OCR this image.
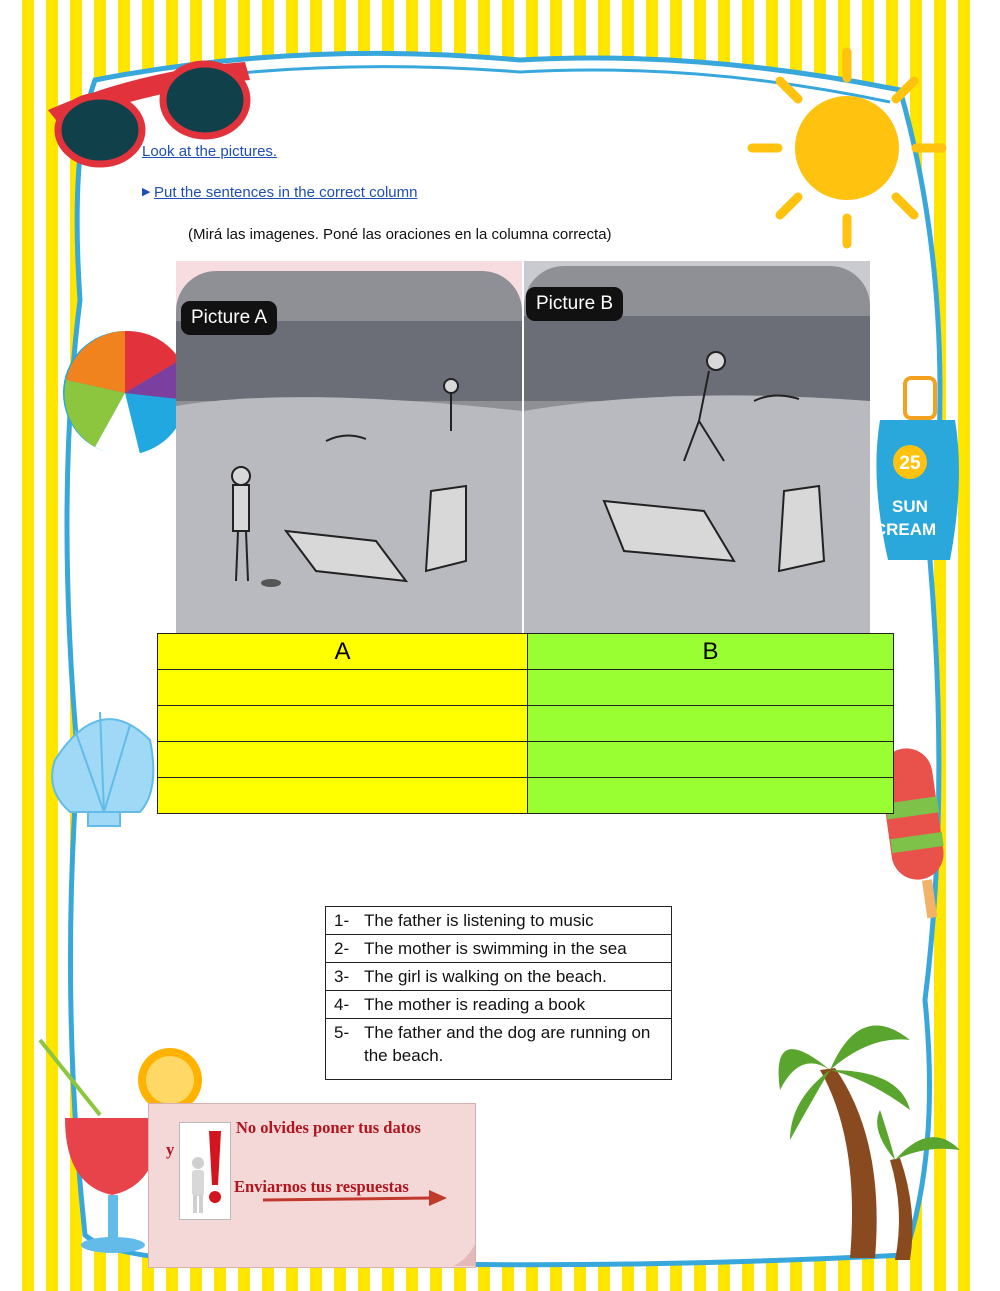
25
SUN
CREAM
Look at the pictures.
▶ Put the sentences in the correct column
(Mirá las imagenes. Poné las oraciones en la columna correcta)
Picture A
Picture B
A	B

1-	The father is listening to music
2-	The mother is swimming in the sea
3-	The girl is walking on the beach.
4-	The mother is reading a book
5-	The father and the dog are running on the beach.
No olvides poner tus datos
y
Enviarnos tus respuestas
